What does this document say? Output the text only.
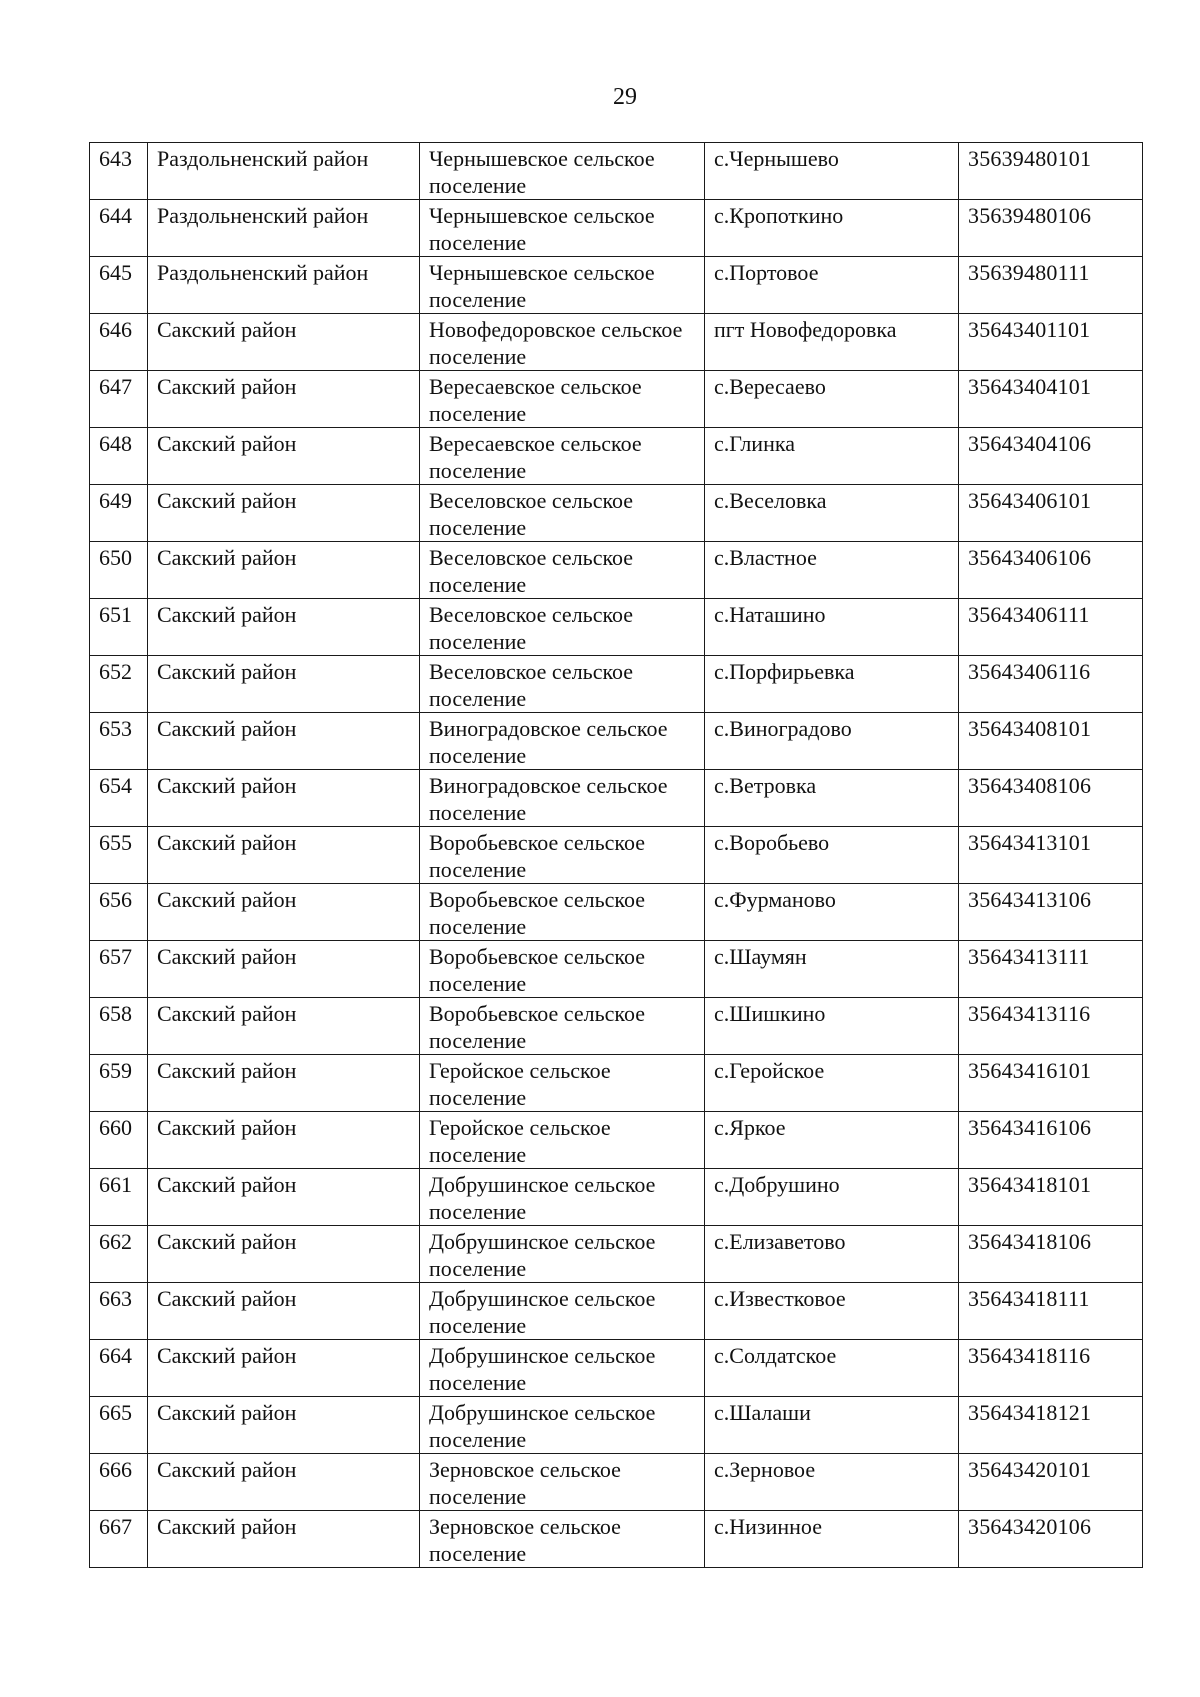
29
643	Раздольненский район	Чернышевское сельское поселение	с.Чернышево	35639480101
644	Раздольненский район	Чернышевское сельское поселение	с.Кропоткино	35639480106
645	Раздольненский район	Чернышевское сельское поселение	с.Портовое	35639480111
646	Сакский район	Новофедоровское сельское поселение	пгт Новофедоровка	35643401101
647	Сакский район	Вересаевское сельское поселение	с.Вересаево	35643404101
648	Сакский район	Вересаевское сельское поселение	с.Глинка	35643404106
649	Сакский район	Веселовское сельское поселение	с.Веселовка	35643406101
650	Сакский район	Веселовское сельское поселение	с.Властное	35643406106
651	Сакский район	Веселовское сельское поселение	с.Наташино	35643406111
652	Сакский район	Веселовское сельское поселение	с.Порфирьевка	35643406116
653	Сакский район	Виноградовское сельское поселение	с.Виноградово	35643408101
654	Сакский район	Виноградовское сельское поселение	с.Ветровка	35643408106
655	Сакский район	Воробьевское сельское поселение	с.Воробьево	35643413101
656	Сакский район	Воробьевское сельское поселение	с.Фурманово	35643413106
657	Сакский район	Воробьевское сельское поселение	с.Шаумян	35643413111
658	Сакский район	Воробьевское сельское поселение	с.Шишкино	35643413116
659	Сакский район	Геройское сельское поселение	с.Геройское	35643416101
660	Сакский район	Геройское сельское поселение	с.Яркое	35643416106
661	Сакский район	Добрушинское сельское поселение	с.Добрушино	35643418101
662	Сакский район	Добрушинское сельское поселение	с.Елизаветово	35643418106
663	Сакский район	Добрушинское сельское поселение	с.Известковое	35643418111
664	Сакский район	Добрушинское сельское поселение	с.Солдатское	35643418116
665	Сакский район	Добрушинское сельское поселение	с.Шалаши	35643418121
666	Сакский район	Зерновское сельское поселение	с.Зерновое	35643420101
667	Сакский район	Зерновское сельское поселение	с.Низинное	35643420106
